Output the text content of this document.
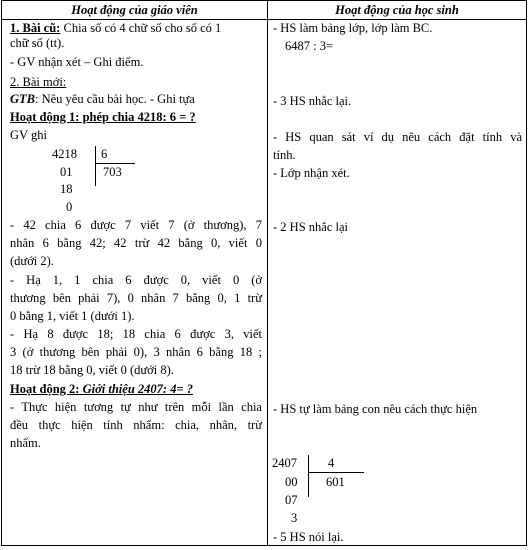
Hoạt động của giáo viên	Hoạt động của học sinh
1. Bài cũ: Chia số có 4 chữ số cho số có 1
chữ số (tt).
- GV nhận xét – Ghi điểm.
2. Bài mới:
GTB: Nêu yêu cầu bài học. - Ghi tựa
Hoạt động 1: phép chia 4218: 6 = ?
GV ghi
4218 6
703
01
18
0
- 42 chia 6 được 7 viết 7 (ở thương), 7
nhân 6 bằng 42; 42 trừ 42 bằng 0, viết 0
(dưới 2).
- Hạ 1, 1 chia 6 được 0, viết 0 (ở
thương bên phải 7), 0 nhân 7 bằng 0, 1 trừ
0 bằng 1, viết 1 (dưới 1).
- Hạ 8 được 18; 18 chia 6 được 3, viết
3 (ở thương bên phải 0), 3 nhân 6 bằng 18 ;
18 trừ 18 bằng 0, viết 0 (dưới 8).
Hoạt động 2: Giới thiệu 2407: 4= ?
- Thực hiện tương tự như trên mỗi lần chia
đều thực hiện tính nhẩm: chia, nhân, trừ
nhẩm.
- HS làm bảng lớp, lớp làm BC.
6487 : 3=
- 3 HS nhắc lại.
- HS quan sát ví dụ nêu cách đặt tính và
tính.
- Lớp nhận xét.
- 2 HS nhắc lại
- HS tự làm bảng con nêu cách thực hiện
2407 4
601
00
07
3
- 5 HS nói lại.
